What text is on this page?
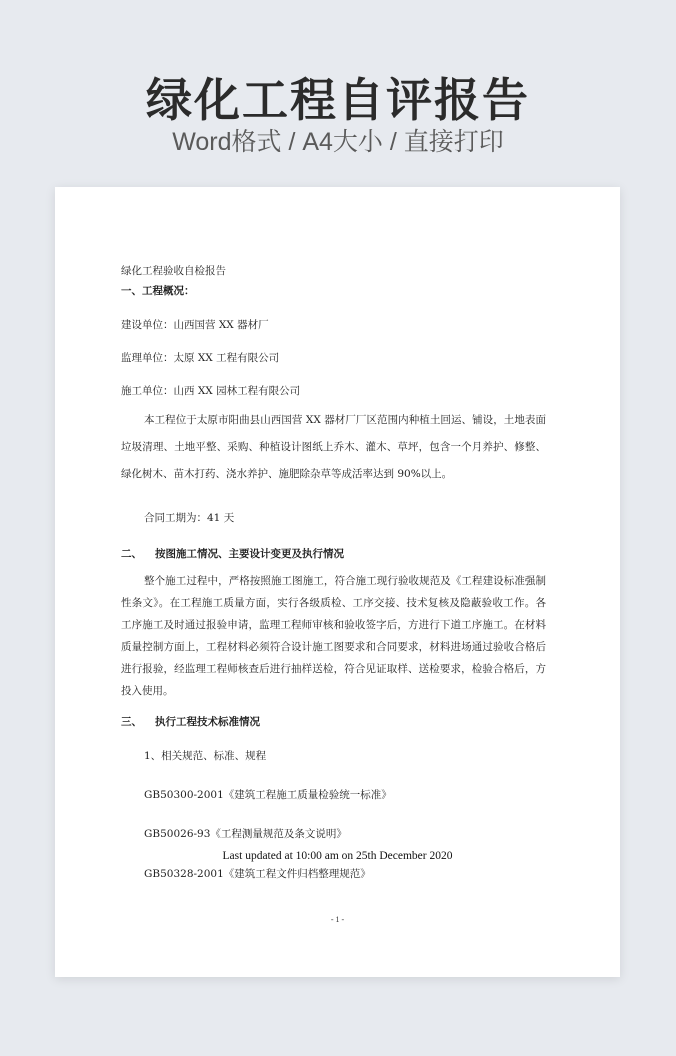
绿化工程自评报告
Word格式 / A4大小 / 直接打印
绿化工程验收自检报告
一、工程概况：
建设单位：山西国营 XX 器材厂
监理单位：太原 XX 工程有限公司
施工单位：山西 XX 园林工程有限公司
本工程位于太原市阳曲县山西国营 XX 器材厂厂区范围内种植土回运、铺设，土地表面垃圾清理、土地平整、采购、种植设计图纸上乔木、灌木、草坪，包含一个月养护、修整、绿化树木、苗木打药、浇水养护、施肥除杂草等成活率达到 90%以上。
合同工期为：41 天
二、 按图施工情况、主要设计变更及执行情况
整个施工过程中，严格按照施工图施工，符合施工现行验收规范及《工程建设标准强制性条文》。在工程施工质量方面，实行各级质检、工序交接、技术复核及隐蔽验收工作。各工序施工及时通过报验申请，监理工程师审核和验收签字后，方进行下道工序施工。在材料质量控制方面上，工程材料必须符合设计施工图要求和合同要求，材料进场通过验收合格后进行报验，经监理工程师核查后进行抽样送检，符合见证取样、送检要求，检验合格后，方投入使用。
三、 执行工程技术标准情况
1、相关规范、标准、规程
GB50300-2001《建筑工程施工质量检验统一标准》
GB50026-93《工程测量规范及条文说明》
GB50328-2001《建筑工程文件归档整理规范》
Last updated at 10:00 am on 25th December 2020
- 1 -
